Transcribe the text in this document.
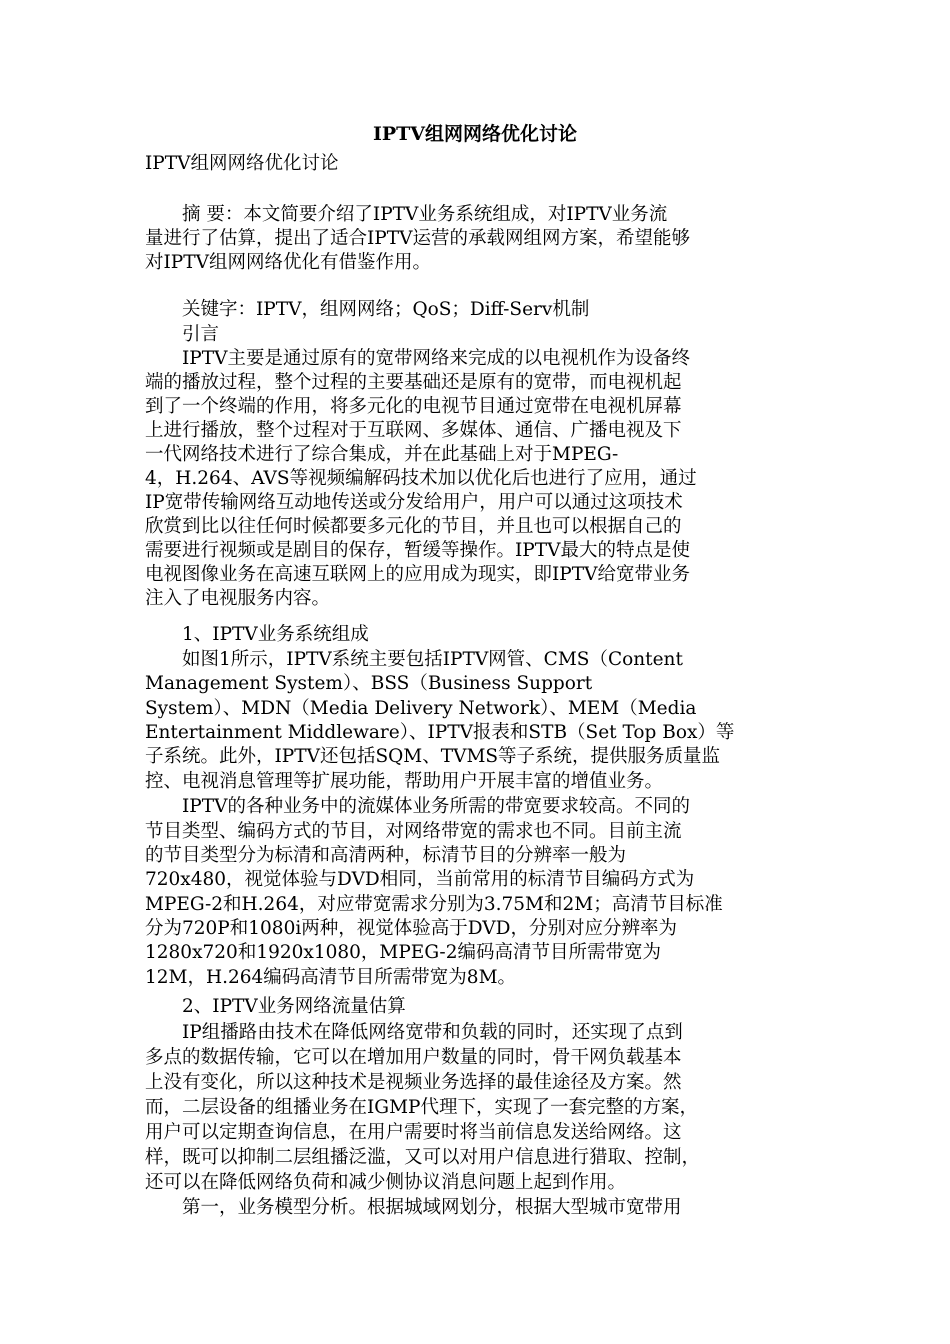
IPTV组网网络优化讨论
IPTV组网网络优化讨论
　　摘 要：本文简要介绍了IPTV业务系统组成，对IPTV业务流
量进行了估算，提出了适合IPTV运营的承载网组网方案，希望能够
对IPTV组网网络优化有借鉴作用。
　　关键字：IPTV，组网网络；QoS；Diff-Serv机制
　　引言
　　IPTV主要是通过原有的宽带网络来完成的以电视机作为设备终
端的播放过程，整个过程的主要基础还是原有的宽带，而电视机起
到了一个终端的作用，将多元化的电视节目通过宽带在电视机屏幕
上进行播放，整个过程对于互联网、多媒体、通信、广播电视及下
一代网络技术进行了综合集成，并在此基础上对于MPEG-
4，H.264、AVS等视频编解码技术加以优化后也进行了应用，通过
IP宽带传输网络互动地传送或分发给用户，用户可以通过这项技术
欣赏到比以往任何时候都要多元化的节目，并且也可以根据自己的
需要进行视频或是剧目的保存，暂缓等操作。IPTV最大的特点是使
电视图像业务在高速互联网上的应用成为现实，即IPTV给宽带业务
注入了电视服务内容。
　　1、IPTV业务系统组成
　　如图1所示，IPTV系统主要包括IPTV网管、CMS（Content
Management System）、BSS（Business Support
System）、MDN（Media Delivery Network）、MEM（Media
Entertainment Middleware）、IPTV报表和STB（Set Top Box）等
子系统。此外，IPTV还包括SQM、TVMS等子系统，提供服务质量监
控、电视消息管理等扩展功能，帮助用户开展丰富的增值业务。
　　IPTV的各种业务中的流媒体业务所需的带宽要求较高。不同的
节目类型、编码方式的节目，对网络带宽的需求也不同。目前主流
的节目类型分为标清和高清两种，标清节目的分辨率一般为
720x480，视觉体验与DVD相同，当前常用的标清节目编码方式为
MPEG-2和H.264，对应带宽需求分别为3.75M和2M；高清节目标准
分为720P和1080i两种，视觉体验高于DVD，分别对应分辨率为
1280x720和1920x1080，MPEG-2编码高清节目所需带宽为
12M，H.264编码高清节目所需带宽为8M。
　　2、IPTV业务网络流量估算
　　IP组播路由技术在降低网络宽带和负载的同时，还实现了点到
多点的数据传输，它可以在增加用户数量的同时，骨干网负载基本
上没有变化，所以这种技术是视频业务选择的最佳途径及方案。然
而，二层设备的组播业务在IGMP代理下，实现了一套完整的方案，
用户可以定期查询信息，在用户需要时将当前信息发送给网络。这
样，既可以抑制二层组播泛滥，又可以对用户信息进行猎取、控制，
还可以在降低网络负荷和减少侧协议消息问题上起到作用。
　　第一，业务模型分析。根据城域网划分，根据大型城市宽带用
